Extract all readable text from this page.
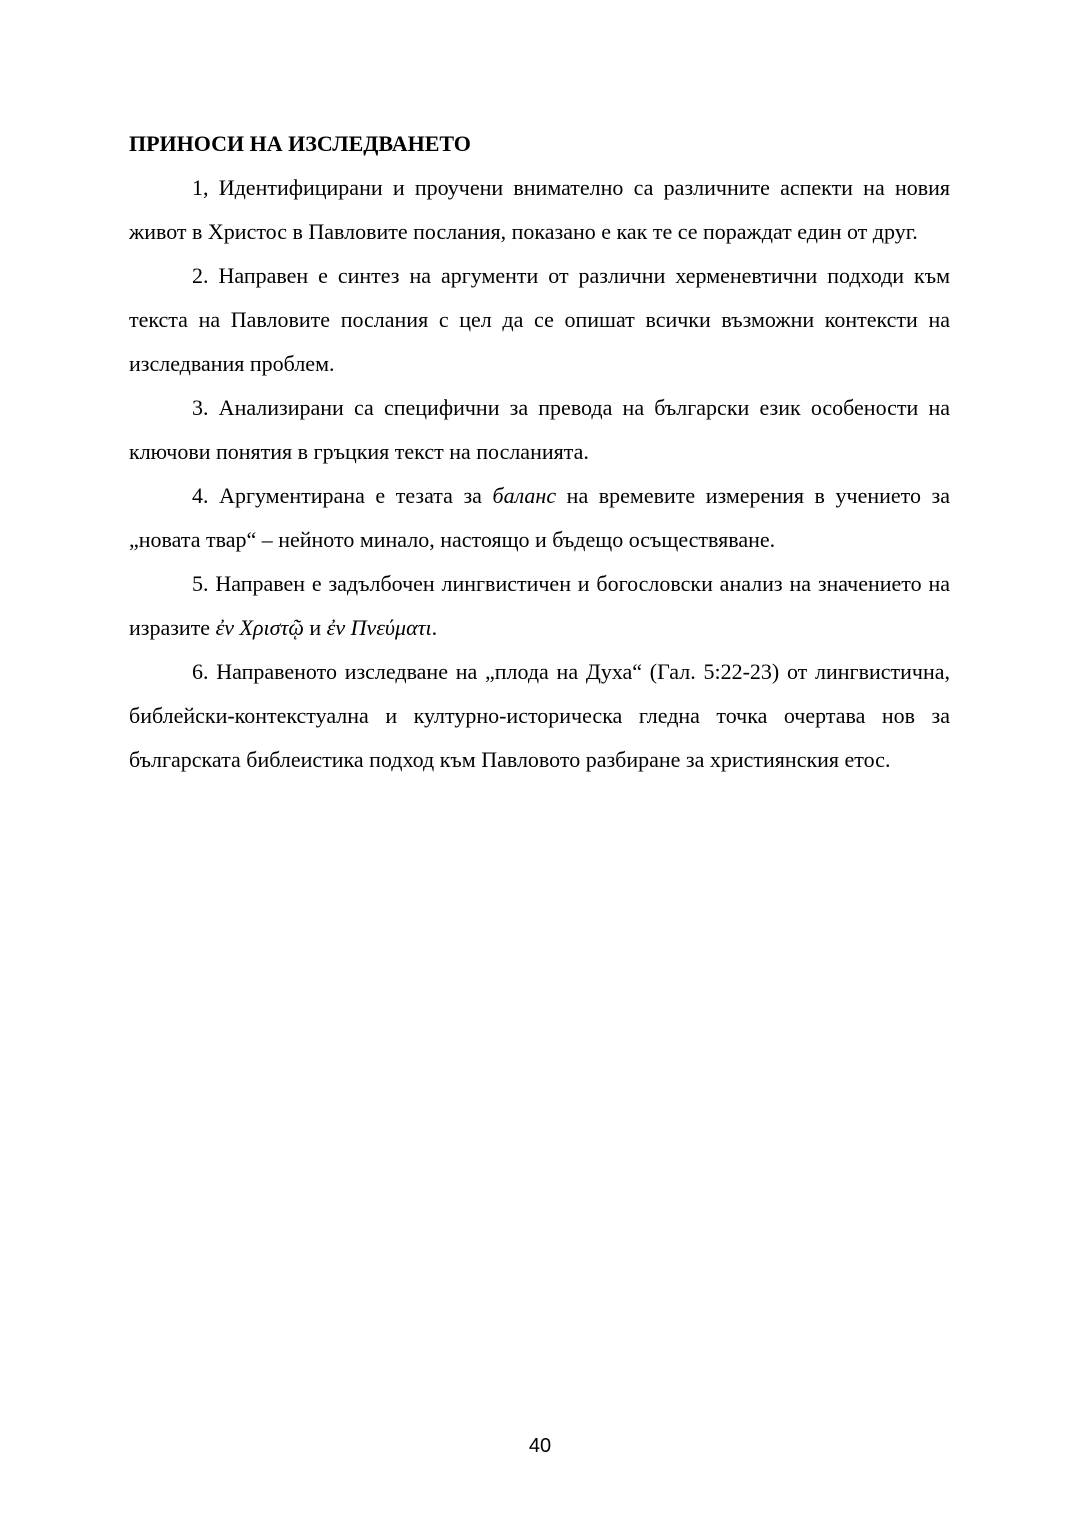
ПРИНОСИ НА ИЗСЛЕДВАНЕТО

1, Идентифицирани и проучени внимателно са различните аспекти на новия живот в Христос в Павловите послания, показано е как те се пораждат един от друг.

2. Направен е синтез на аргументи от различни херменевтични подходи към текста на Павловите послания с цел да се опишат всички възможни контексти на изследвания проблем.

3. Анализирани са специфични за превода на български език особености на ключови понятия в гръцкия текст на посланията.

4. Аргументирана е тезата за баланс на времевите измерения в учението за „новата твар“ – нейното минало, настоящо и бъдещо осъществяване.

5. Направен е задълбочен лингвистичен и богословски анализ на значението на изразите ἐν Χριστῷ и ἐν Πνεύματι.

6. Направеното изследване на „плода на Духа“ (Гал. 5:22-23) от лингвистична, библейски-контекстуална и културно-историческа гледна точка очертава нов за българската библеистика подход към Павловото разбиране за християнския етос.

40
